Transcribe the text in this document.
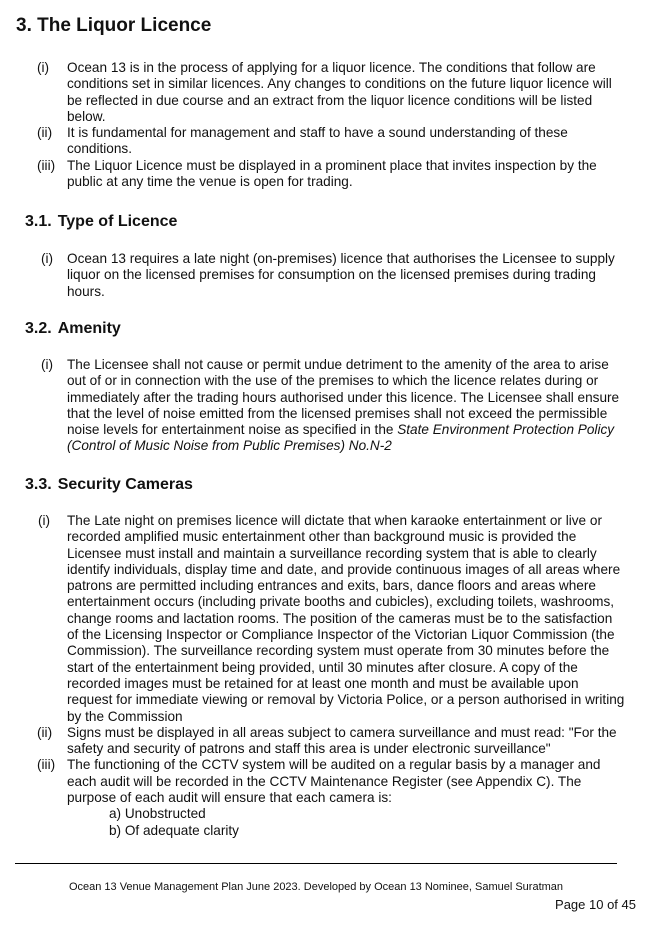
3. The Liquor Licence
(i) Ocean 13 is in the process of applying for a liquor licence. The conditions that follow are conditions set in similar licences. Any changes to conditions on the future liquor licence will be reflected in due course and an extract from the liquor licence conditions will be listed below.
(ii) It is fundamental for management and staff to have a sound understanding of these conditions.
(iii) The Liquor Licence must be displayed in a prominent place that invites inspection by the public at any time the venue is open for trading.
3.1. Type of Licence
(i) Ocean 13 requires a late night (on-premises) licence that authorises the Licensee to supply liquor on the licensed premises for consumption on the licensed premises during trading hours.
3.2. Amenity
(i) The Licensee shall not cause or permit undue detriment to the amenity of the area to arise out of or in connection with the use of the premises to which the licence relates during or immediately after the trading hours authorised under this licence. The Licensee shall ensure that the level of noise emitted from the licensed premises shall not exceed the permissible noise levels for entertainment noise as specified in the State Environment Protection Policy (Control of Music Noise from Public Premises) No.N-2
3.3. Security Cameras
(i) The Late night on premises licence will dictate that when karaoke entertainment or live or recorded amplified music entertainment other than background music is provided the Licensee must install and maintain a surveillance recording system that is able to clearly identify individuals, display time and date, and provide continuous images of all areas where patrons are permitted including entrances and exits, bars, dance floors and areas where entertainment occurs (including private booths and cubicles), excluding toilets, washrooms, change rooms and lactation rooms. The position of the cameras must be to the satisfaction of the Licensing Inspector or Compliance Inspector of the Victorian Liquor Commission (the Commission). The surveillance recording system must operate from 30 minutes before the start of the entertainment being provided, until 30 minutes after closure. A copy of the recorded images must be retained for at least one month and must be available upon request for immediate viewing or removal by Victoria Police, or a person authorised in writing by the Commission
(ii) Signs must be displayed in all areas subject to camera surveillance and must read: "For the safety and security of patrons and staff this area is under electronic surveillance"
(iii) The functioning of the CCTV system will be audited on a regular basis by a manager and each audit will be recorded in the CCTV Maintenance Register (see Appendix C). The purpose of each audit will ensure that each camera is:
a) Unobstructed
b) Of adequate clarity
Ocean 13 Venue Management Plan June 2023. Developed by Ocean 13 Nominee, Samuel Suratman
Page 10 of 45
